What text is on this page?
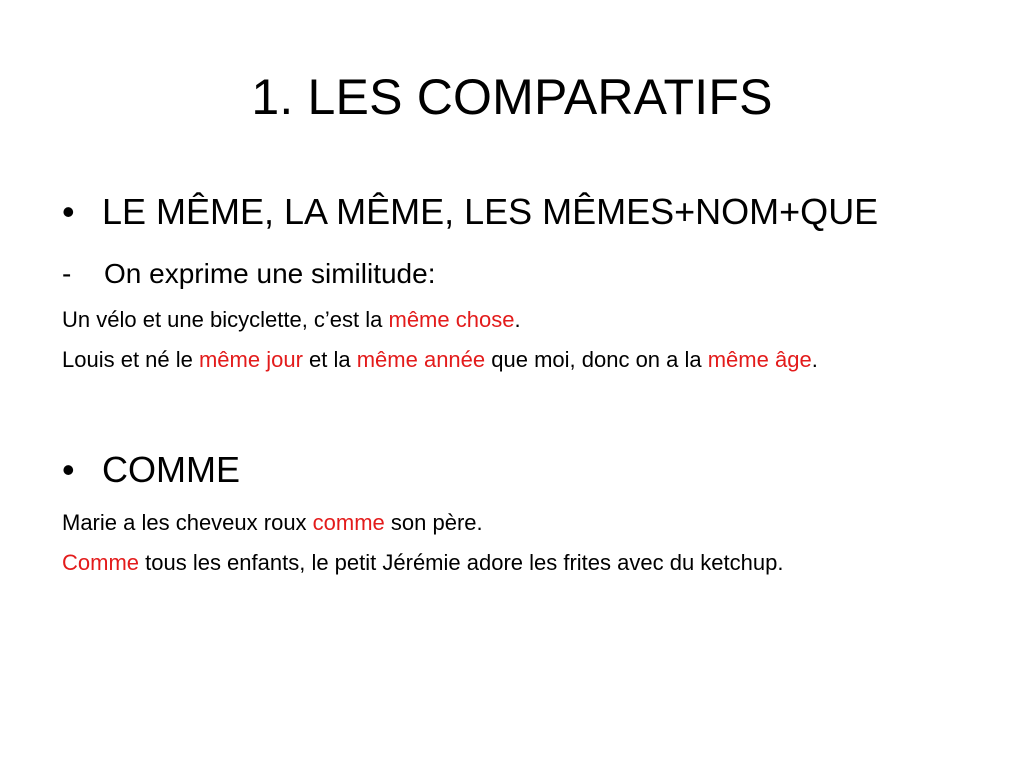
1. LES COMPARATIFS
• LE MÊME, LA MÊME, LES MÊMES+NOM+QUE
- On exprime une similitude:
Un vélo et une bicyclette, c’est la même chose.
Louis et né le même jour et la même année que moi, donc on a la même âge.
• COMME
Marie a les cheveux roux comme son père.
Comme tous les enfants, le petit Jérémie adore les frites avec du ketchup.
